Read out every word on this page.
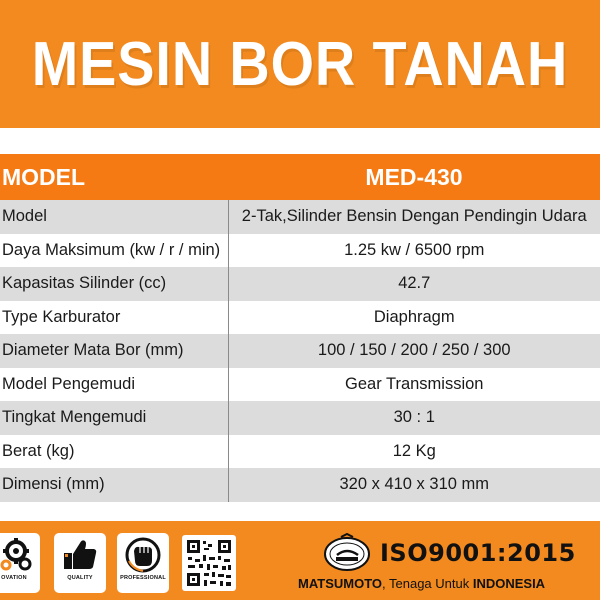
MESIN BOR TANAH
MODEL	MED-430
Model	2-Tak,Silinder Bensin Dengan Pendingin Udara
Daya Maksimum (kw / r / min)	1.25 kw / 6500 rpm
Kapasitas Silinder (cc)	42.7
Type Karburator	Diaphragm
Diameter Mata Bor (mm)	100 / 150 / 200 / 250 / 300
Model Pengemudi	Gear Transmission
Tingkat Mengemudi	30 : 1
Berat (kg)	12 Kg
Dimensi (mm)	320 x 410 x 310 mm
OVATION	QUALITY	PROFESSIONAL
ISO9001:2015
MATSUMOTO, Tenaga Untuk INDONESIA
